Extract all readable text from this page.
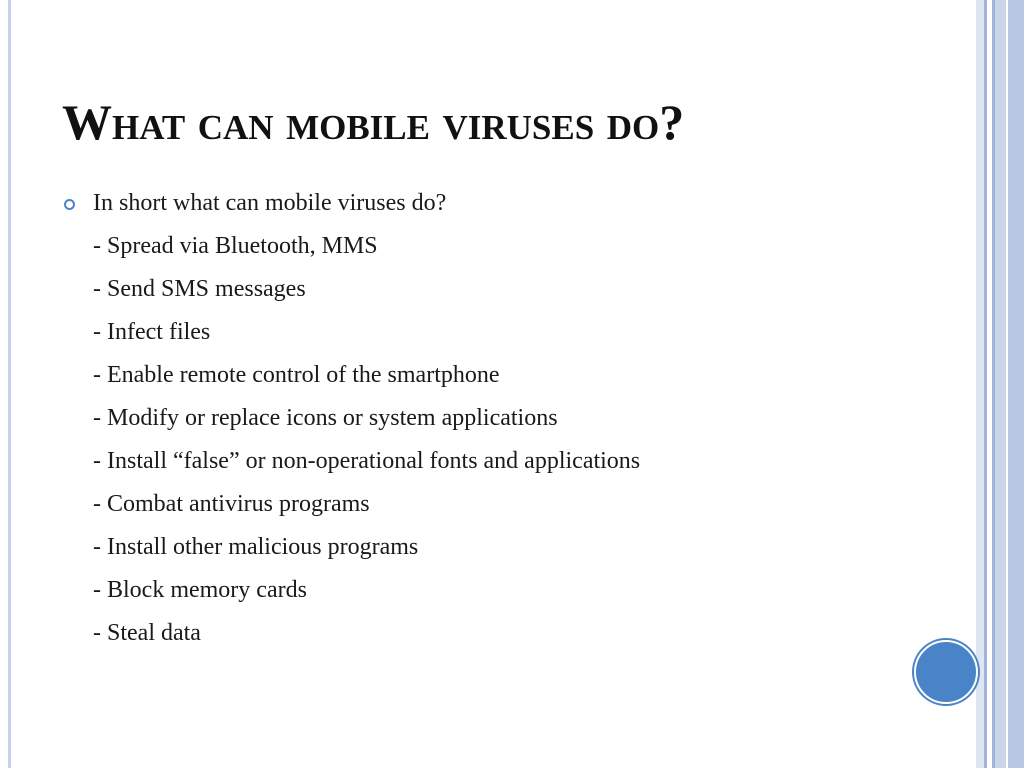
What can mobile viruses do?
In short what can mobile viruses do?
- Spread via Bluetooth, MMS
- Send SMS messages
- Infect files
- Enable remote control of the smartphone
- Modify or replace icons or system applications
- Install “false” or non-operational fonts and applications
- Combat antivirus programs
- Install other malicious programs
- Block memory cards
- Steal data
